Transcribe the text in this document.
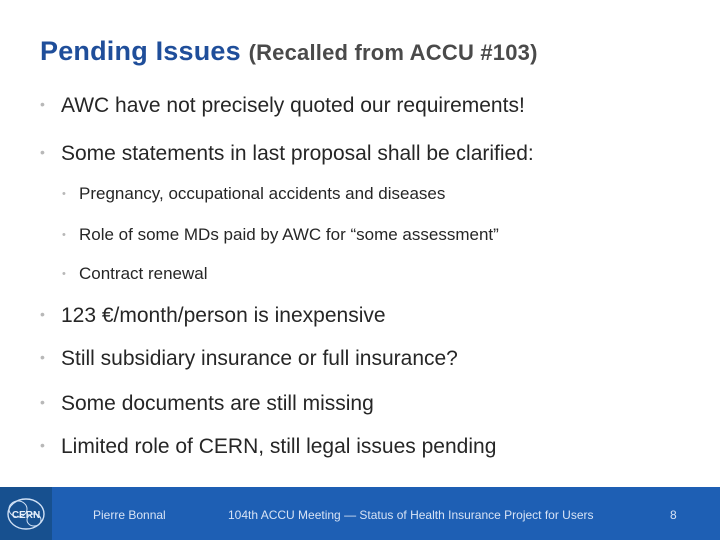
Pending Issues (Recalled from ACCU #103)
• AWC have not precisely quoted our requirements!
• Some statements in last proposal shall be clarified:
• Pregnancy, occupational accidents and diseases
• Role of some MDs paid by AWC for “some assessment”
• Contract renewal
• 123 €/month/person is inexpensive
• Still subsidiary insurance or full insurance?
• Some documents are still missing
• Limited role of CERN, still legal issues pending
CERN	Pierre Bonnal	104th ACCU Meeting — Status of Health Insurance Project for Users	8
